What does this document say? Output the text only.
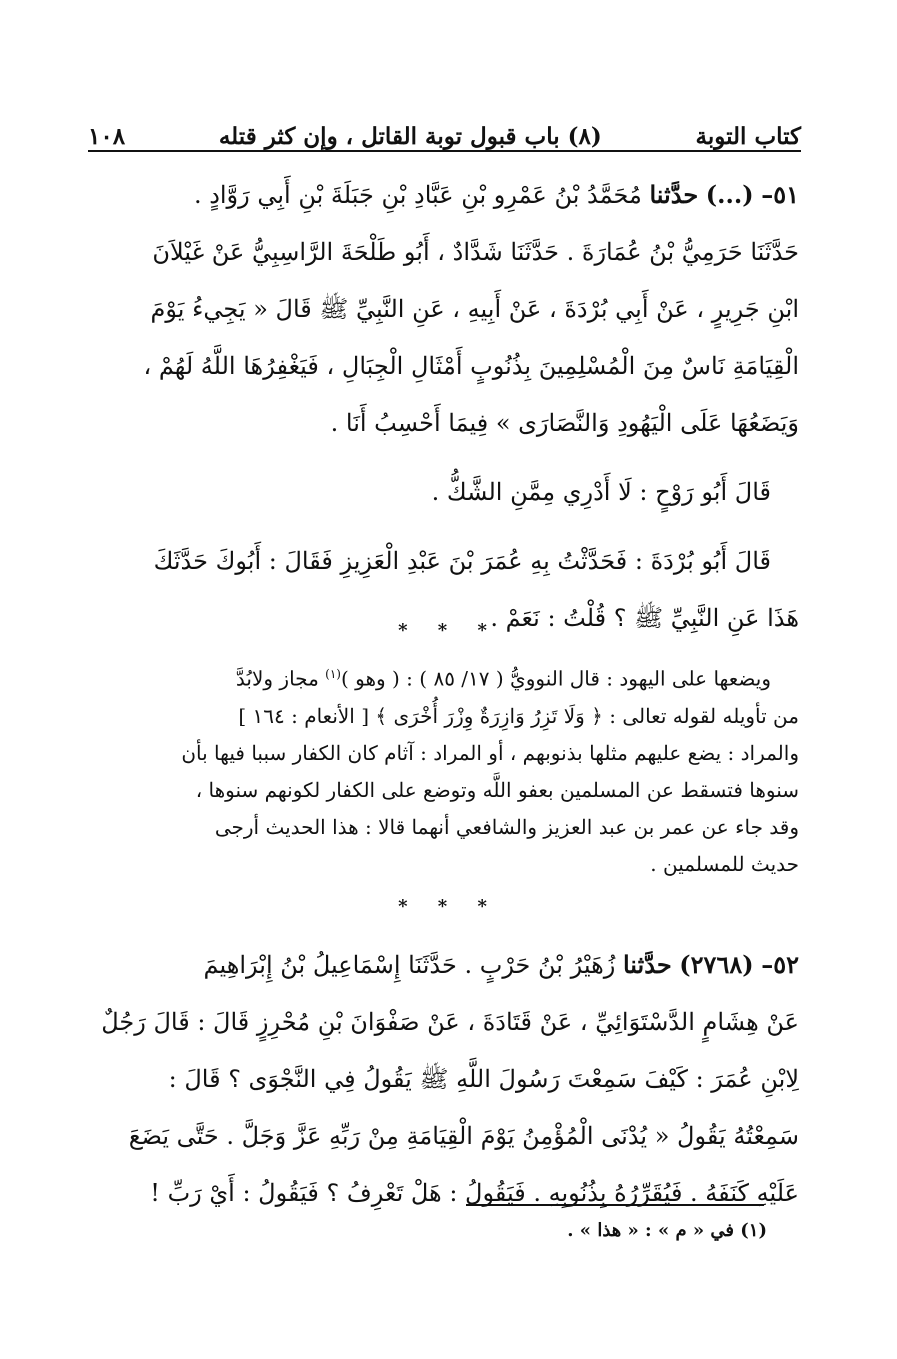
١٠٨	(٨) باب قبول توبة القاتل ، وإن كثر قتله	كتاب التوبة

٥١– (...) حدَّثنا مُحَمَّدُ بْنُ عَمْرِو بْنِ عَبَّادِ بْنِ جَبَلَةَ بْنِ أَبِي رَوَّادٍ .

حَدَّثَنَا حَرَمِيُّ بْنُ عُمَارَةَ . حَدَّثَنَا شَدَّادٌ ، أَبُو طَلْحَةَ الرَّاسِبِيُّ عَنْ غَيْلاَنَ

ابْنِ جَرِيرٍ ، عَنْ أَبِي بُرْدَةَ ، عَنْ أَبِيهِ ، عَنِ النَّبِيِّ ﷺ قَالَ « يَجِيءُ يَوْمَ

الْقِيَامَةِ نَاسٌ مِنَ الْمُسْلِمِينَ بِذُنُوبٍ أَمْثَالِ الْجِبَالِ ، فَيَغْفِرُهَا اللَّهُ لَهُمْ ،

وَيَضَعُهَا عَلَى الْيَهُودِ وَالنَّصَارَى » فِيمَا أَحْسِبُ أَنَا .

قَالَ أَبُو رَوْحٍ : لَا أَدْرِي مِمَّنِ الشَّكُّ .

قَالَ أَبُو بُرْدَةَ : فَحَدَّثْتُ بِهِ عُمَرَ بْنَ عَبْدِ الْعَزِيزِ فَقَالَ : أَبُوكَ حَدَّثَكَ

هَذَا عَنِ النَّبِيِّ ﷺ ؟ قُلْتُ : نَعَمْ .

* * *

ويضعها على اليهود : قال النوويُّ ( ١٧/ ٨٥ ) : ( وهو )$^{(١)}$ مجاز ولابُدَّ

من تأويله لقوله تعالى : ﴿ وَلَا تَزِرُ وَازِرَةٌ وِزْرَ أُخْرَى ﴾ [ الأنعام : ١٦٤ ]

والمراد : يضع عليهم مثلها بذنوبهم ، أو المراد : آثام كان الكفار سببا فيها بأن

سنوها فتسقط عن المسلمين بعفو اللَّه وتوضع على الكفار لكونهم سنوها ،

وقد جاء عن عمر بن عبد العزيز والشافعي أنهما قالا : هذا الحديث أرجى

حديث للمسلمين .

* * *

٥٢– (٢٧٦٨) حدَّثنا زُهَيْرُ بْنُ حَرْبٍ . حَدَّثَنَا إِسْمَاعِيلُ بْنُ إِبْرَاهِيمَ

عَنْ هِشَامٍ الدَّسْتَوَائِيِّ ، عَنْ قَتَادَةَ ، عَنْ صَفْوَانَ بْنِ مُحْرِزٍ قَالَ : قَالَ رَجُلٌ

لِابْنِ عُمَرَ : كَيْفَ سَمِعْتَ رَسُولَ اللَّهِ ﷺ يَقُولُ فِي النَّجْوَى ؟ قَالَ :

سَمِعْتُهُ يَقُولُ « يُدْنَى الْمُؤْمِنُ يَوْمَ الْقِيَامَةِ مِنْ رَبِّهِ عَزَّ وَجَلَّ . حَتَّى يَضَعَ

عَلَيْهِ كَنَفَهُ . فَيُقَرِّرُهُ بِذُنُوبِهِ . فَيَقُولُ : هَلْ تَعْرِفُ ؟ فَيَقُولُ : أَيْ رَبِّ !

(١) في « م » : « هذا » .
